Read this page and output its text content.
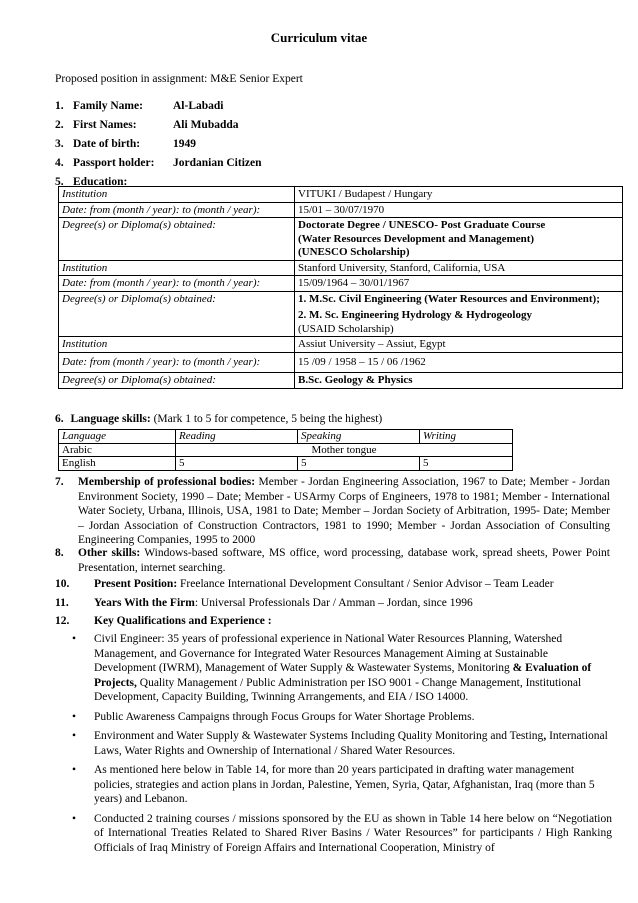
Curriculum vitae
Proposed position in assignment: M&E Senior Expert
1.	Family Name:	Al-Labadi
2.	First Names:	Ali Mubadda
3.	Date of birth:	1949
4.	Passport holder:	Jordanian Citizen
5.	Education:	
Institution	VITUKI / Budapest / Hungary
Date: from (month / year): to (month / year):	15/01 – 30/07/1970
Degree(s) or Diploma(s) obtained:	Doctorate Degree / UNESCO- Post Graduate Course
(Water Resources Development and Management)
(UNESCO Scholarship)

Institution	Stanford University, Stanford, California, USA
Date: from (month / year): to (month / year):	15/09/1964 – 30/01/1967
Degree(s) or Diploma(s) obtained:	1. M.Sc. Civil Engineering (Water Resources and Environment);
2. M. Sc. Engineering Hydrology & Hydrogeology
(USAID Scholarship)

Institution	Assiut University – Assiut, Egypt
Date: from (month / year): to (month / year):	15 /09 / 1958 – 15 / 06 /1962
Degree(s) or Diploma(s) obtained:	B.Sc. Geology & Physics
6. Language skills: (Mark 1 to 5 for competence, 5 being the highest)
Language	Reading	Speaking	Writing
Arabic	Mother tongue		
English	5	5	5
7. Membership of professional bodies: Member - Jordan Engineering Association, 1967 to Date; Member - Jordan Environment Society, 1990 – Date; Member - USArmy Corps of Engineers, 1978 to 1981; Member - International Water Society, Urbana, Illinois, USA, 1981 to Date; Member – Jordan Society of Arbitration, 1995- Date; Member – Jordan Association of Construction Contractors, 1981 to 1990; Member - Jordan Association of Consulting Engineering Companies, 1995 to 2000
8. Other skills: Windows-based software, MS office, word processing, database work, spread sheets, Power Point Presentation, internet searching.
10. Present Position: Freelance International Development Consultant / Senior Advisor – Team Leader
11. Years With the Firm: Universal Professionals Dar / Amman – Jordan, since 1996
12. Key Qualifications and Experience :
• Civil Engineer: 35 years of professional experience in National Water Resources Planning, Watershed Management, and Governance for Integrated Water Resources Management Aiming at Sustainable Development (IWRM), Management of Water Supply & Wastewater Systems, Monitoring & Evaluation of Projects, Quality Management / Public Administration per ISO 9001 - Change Management, Institutional Development, Capacity Building, Twinning Arrangements, and EIA / ISO 14000.
• Public Awareness Campaigns through Focus Groups for Water Shortage Problems.
• Environment and Water Supply & Wastewater Systems Including Quality Monitoring and Testing, International Laws, Water Rights and Ownership of International / Shared Water Resources.
• As mentioned here below in Table 14, for more than 20 years participated in drafting water management policies, strategies and action plans in Jordan, Palestine, Yemen, Syria, Qatar, Afghanistan, Iraq (more than 5 years) and Lebanon.
• Conducted 2 training courses / missions sponsored by the EU as shown in Table 14 here below on “Negotiation of International Treaties Related to Shared River Basins / Water Resources” for participants / High Ranking Officials of Iraq Ministry of Foreign Affairs and International Cooperation, Ministry of
